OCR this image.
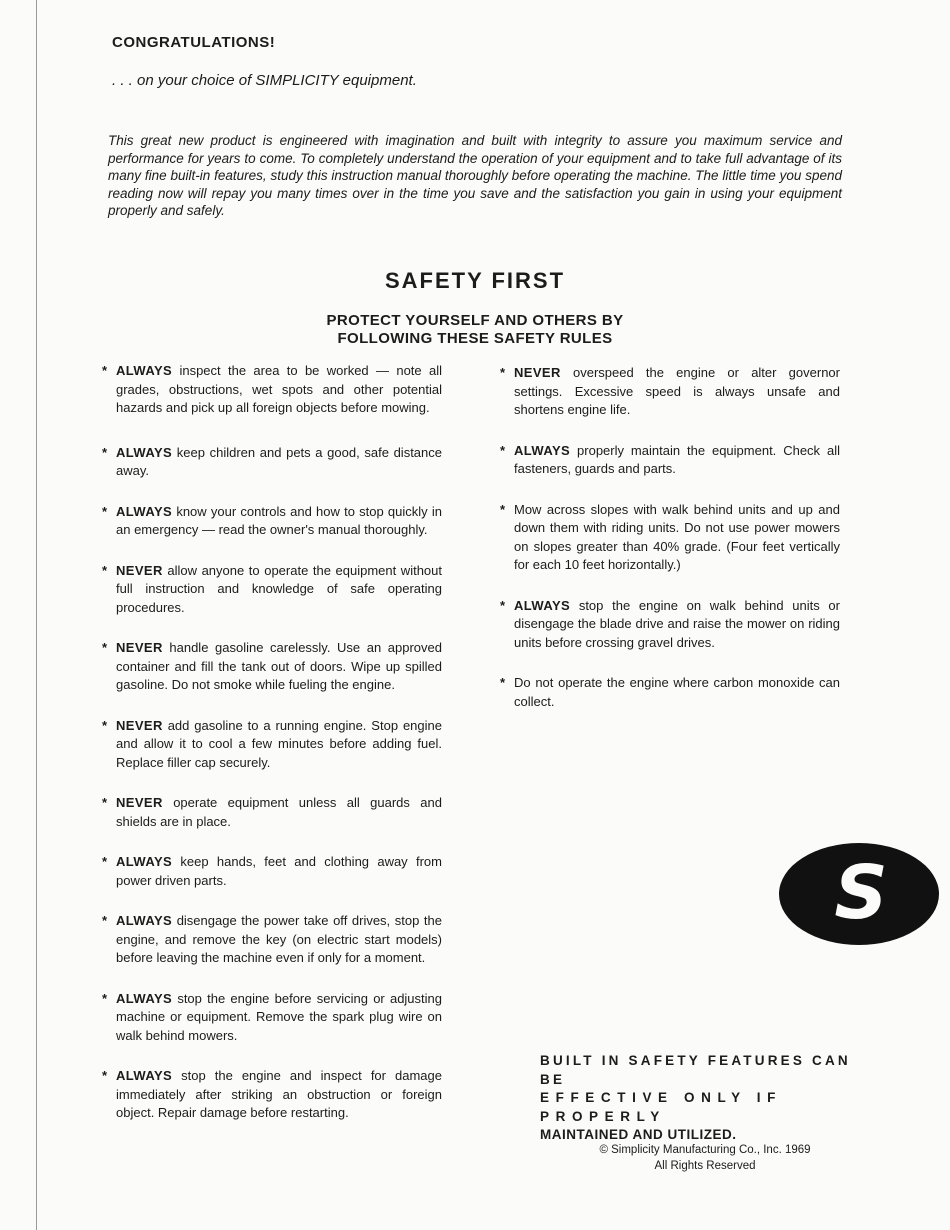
CONGRATULATIONS!
. . . on your choice of SIMPLICITY equipment.

This great new product is engineered with imagination and built with integrity to assure you maximum service and performance for years to come. To completely understand the operation of your equipment and to take full advantage of its many fine built-in features, study this instruction manual thoroughly before operating the machine. The little time you spend reading now will repay you many times over in the time you save and the satisfaction you gain in using your equipment properly and safely.

SAFETY FIRST
PROTECT YOURSELF AND OTHERS BY
FOLLOWING THESE SAFETY RULES
* ALWAYS inspect the area to be worked — note all grades, obstructions, wet spots and other potential hazards and pick up all foreign objects before mowing.
* ALWAYS keep children and pets a good, safe distance away.
* ALWAYS know your controls and how to stop quickly in an emergency — read the owner's manual thoroughly.
* NEVER allow anyone to operate the equipment without full instruction and knowledge of safe operating procedures.
* NEVER handle gasoline carelessly. Use an approved container and fill the tank out of doors. Wipe up spilled gasoline. Do not smoke while fueling the engine.
* NEVER add gasoline to a running engine. Stop engine and allow it to cool a few minutes before adding fuel. Replace filler cap securely.
* NEVER operate equipment unless all guards and shields are in place.
* ALWAYS keep hands, feet and clothing away from power driven parts.
* ALWAYS disengage the power take off drives, stop the engine, and remove the key (on electric start models) before leaving the machine even if only for a moment.
* ALWAYS stop the engine before servicing or adjusting machine or equipment. Remove the spark plug wire on walk behind mowers.
* ALWAYS stop the engine and inspect for damage immediately after striking an obstruction or foreign object. Repair damage before restarting.
* NEVER overspeed the engine or alter governor settings. Excessive speed is always unsafe and shortens engine life.
* ALWAYS properly maintain the equipment. Check all fasteners, guards and parts.
* Mow across slopes with walk behind units and up and down them with riding units. Do not use power mowers on slopes greater than 40% grade. (Four feet vertically for each 10 feet horizontally.)
* ALWAYS stop the engine on walk behind units or disengage the blade drive and raise the mower on riding units before crossing gravel drives.
* Do not operate the engine where carbon monoxide can collect.
S

BUILT IN SAFETY FEATURES CAN BE
EFFECTIVE ONLY IF PROPERLY
MAINTAINED AND UTILIZED.

© Simplicity Manufacturing Co., Inc. 1969
All Rights Reserved
